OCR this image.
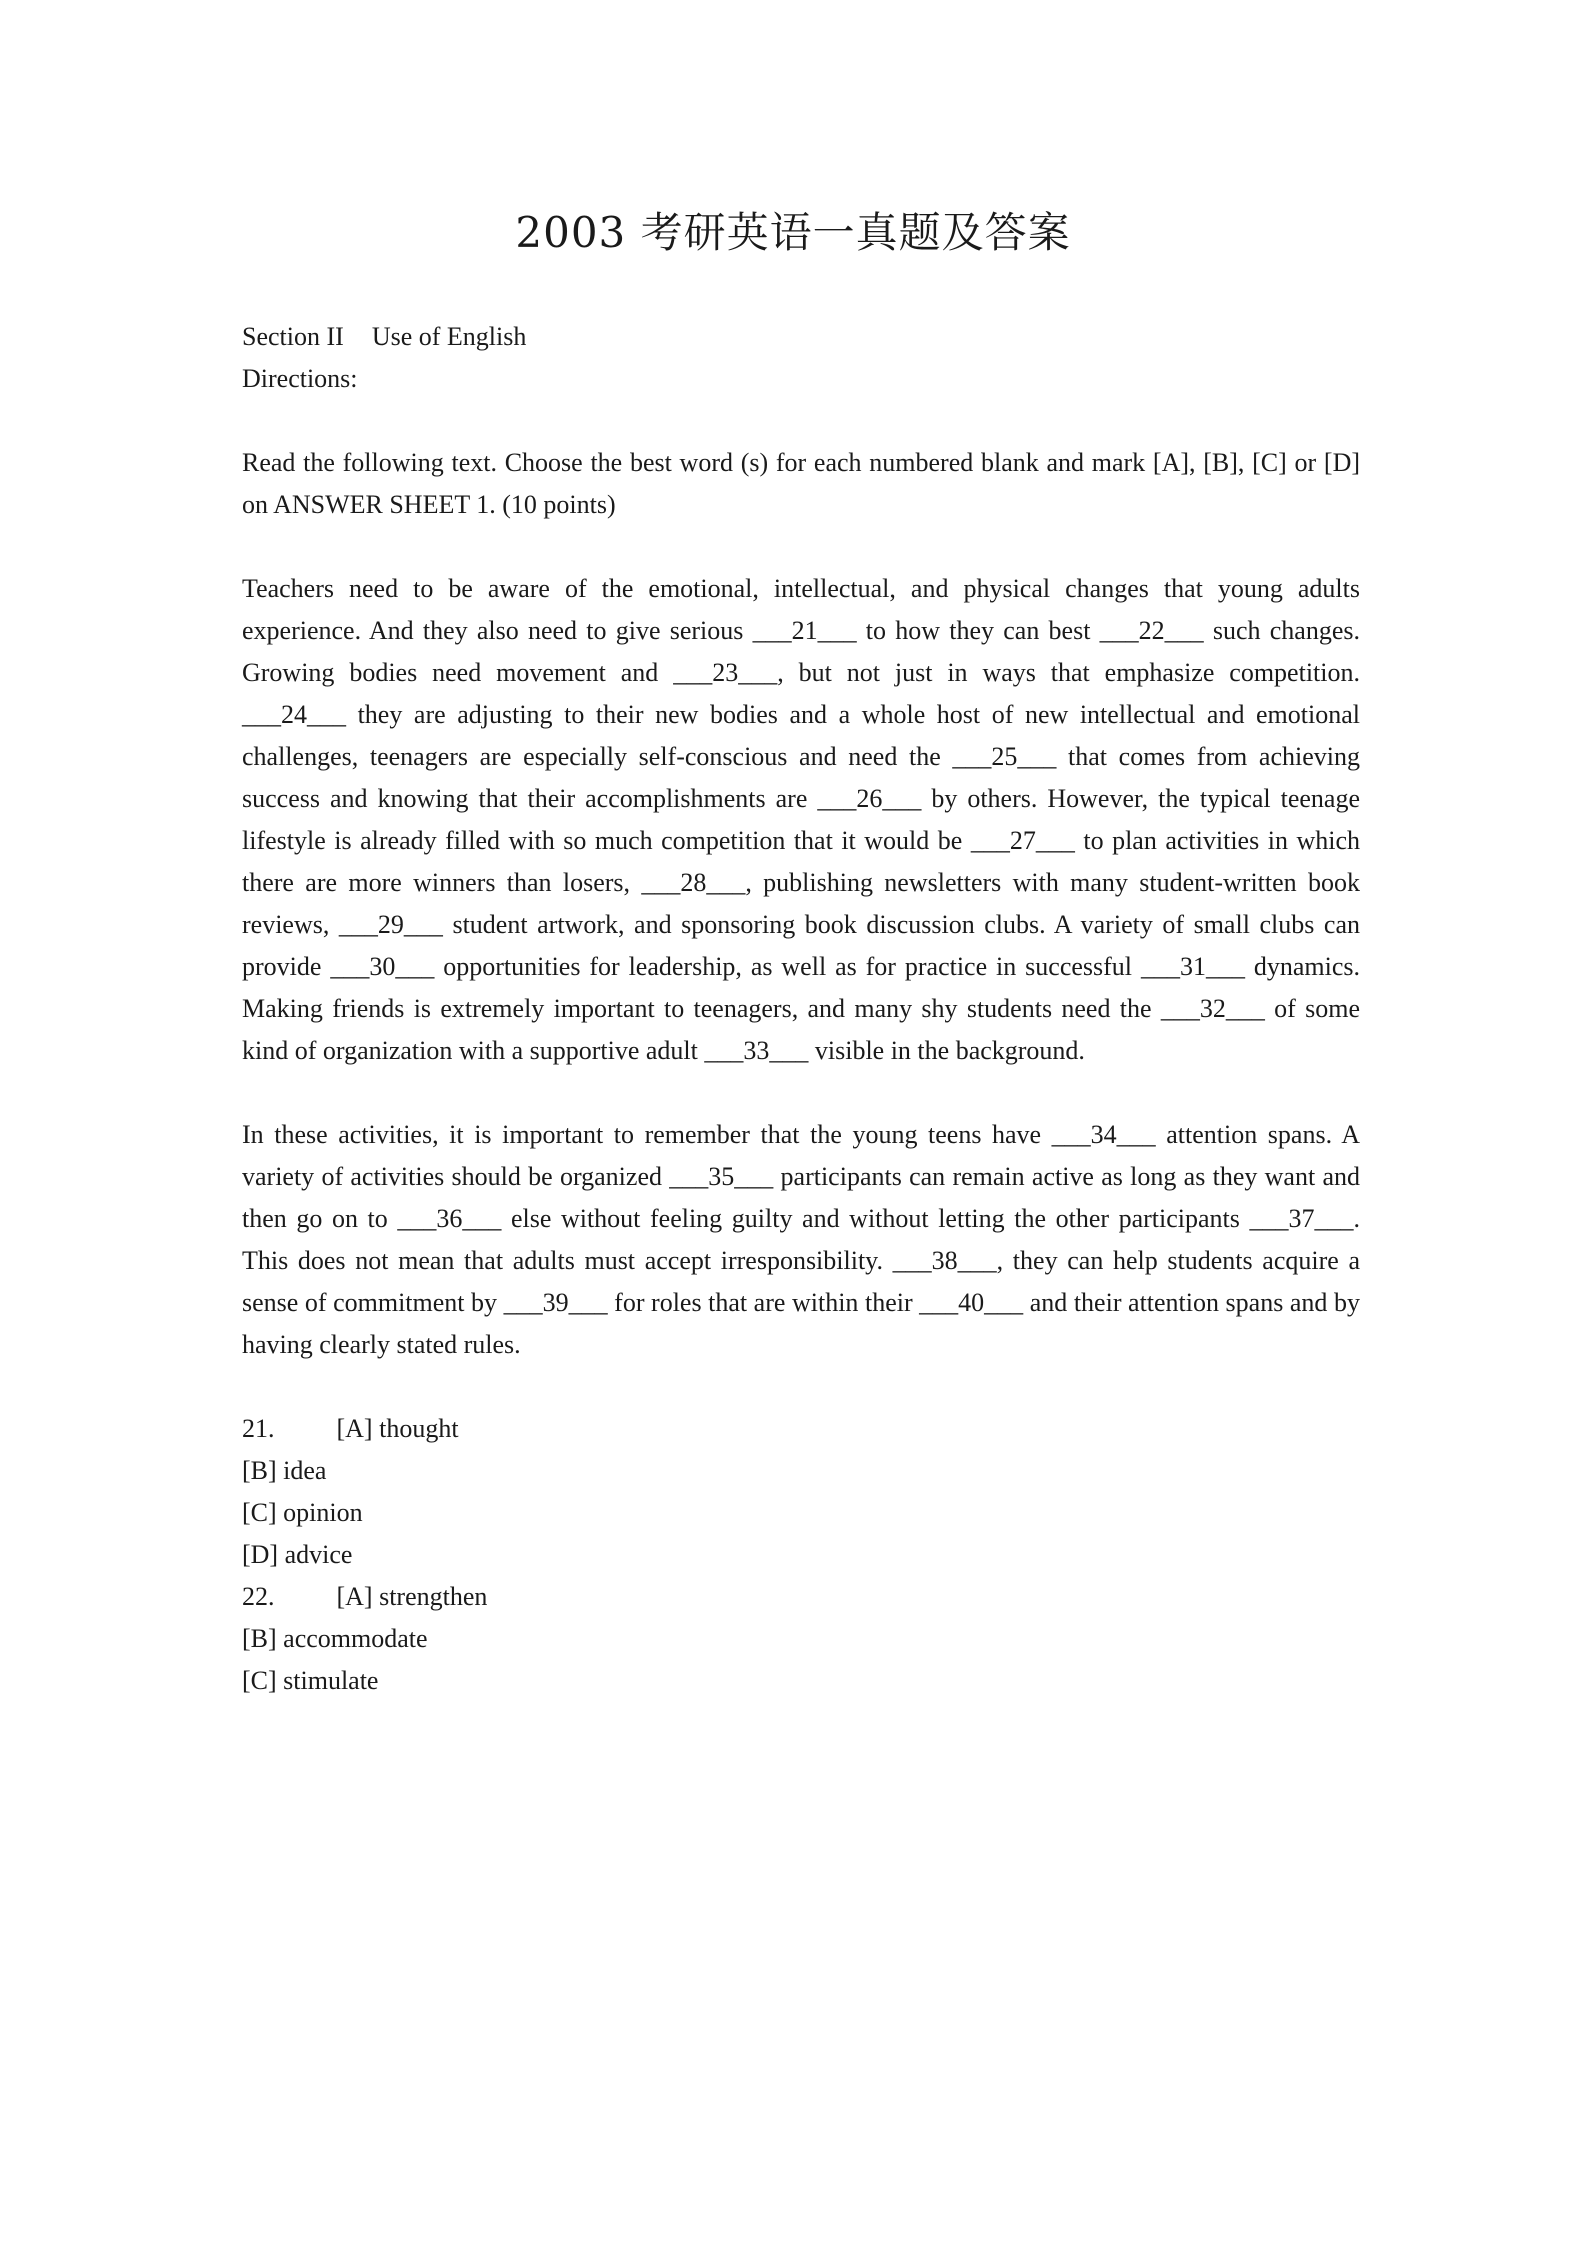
2003 考研英语一真题及答案

Section II Use of English

Directions:

Read the following text. Choose the best word (s) for each numbered blank and mark [A], [B], [C] or [D] on ANSWER SHEET 1. (10 points)

Teachers need to be aware of the emotional, intellectual, and physical changes that young adults experience. And they also need to give serious ___21___ to how they can best ___22___ such changes. Growing bodies need movement and ___23___, but not just in ways that emphasize competition. ___24___ they are adjusting to their new bodies and a whole host of new intellectual and emotional challenges, teenagers are especially self-conscious and need the ___25___ that comes from achieving success and knowing that their accomplishments are ___26___ by others. However, the typical teenage lifestyle is already filled with so much competition that it would be ___27___ to plan activities in which there are more winners than losers, ___28___, publishing newsletters with many student-written book reviews, ___29___ student artwork, and sponsoring book discussion clubs. A variety of small clubs can provide ___30___ opportunities for leadership, as well as for practice in successful ___31___ dynamics. Making friends is extremely important to teenagers, and many shy students need the ___32___ of some kind of organization with a supportive adult ___33___ visible in the background.

In these activities, it is important to remember that the young teens have ___34___ attention spans. A variety of activities should be organized ___35___ participants can remain active as long as they want and then go on to ___36___ else without feeling guilty and without letting the other participants ___37___. This does not mean that adults must accept irresponsibility. ___38___, they can help students acquire a sense of commitment by ___39___ for roles that are within their ___40___ and their attention spans and by having clearly stated rules.

21. [A] thought

[B] idea

[C] opinion

[D] advice

22. [A] strengthen

[B] accommodate

[C] stimulate
